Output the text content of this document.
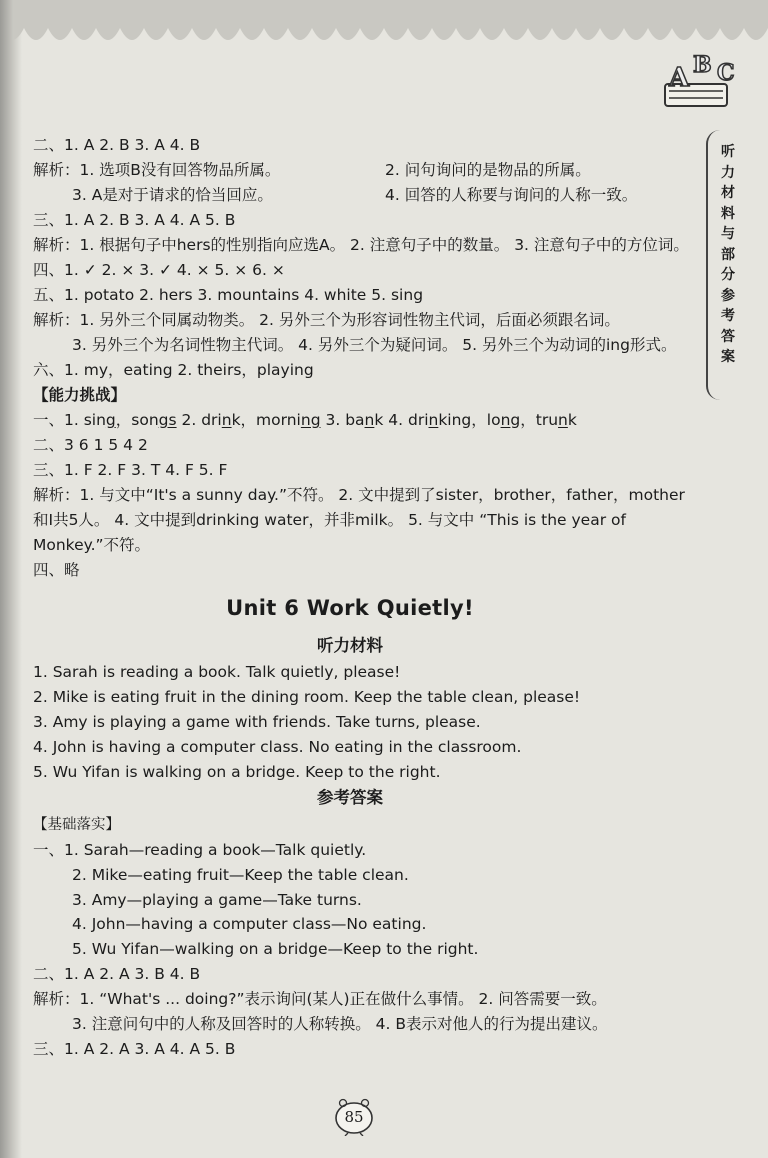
A B C
听
力
材
料
与
部
分
参
考
答
案
二、1. A 2. B 3. A 4. B
解析：1. 选项B没有回答物品所属。	2. 问句询问的是物品的所属。
3. A是对于请求的恰当回应。	4. 回答的人称要与询问的人称一致。
三、1. A 2. B 3. A 4. A 5. B
解析：1. 根据句子中hers的性别指向应选A。 2. 注意句子中的数量。 3. 注意句子中的方位词。
四、1. ✓ 2. × 3. ✓ 4. × 5. × 6. ×
五、1. potato 2. hers 3. mountains 4. white 5. sing
解析：1. 另外三个同属动物类。 2. 另外三个为形容词性物主代词，后面必须跟名词。
3. 另外三个为名词性物主代词。 4. 另外三个为疑问词。 5. 另外三个为动词的ing形式。
六、1. my，eating 2. theirs，playing
【能力挑战】
一、1. sing，songs 2. drink，morning 3. bank 4. drinking，long，trunk
二、3 6 1 5 4 2
三、1. F 2. F 3. T 4. F 5. F
解析：1. 与文中“It's a sunny day.”不符。 2. 文中提到了sister，brother，father，mother
和I共5人。 4. 文中提到drinking water，并非milk。 5. 与文中 “This is the year of
Monkey.”不符。
四、略
Unit 6 Work Quietly!
听力材料
1. Sarah is reading a book. Talk quietly, please!
2. Mike is eating fruit in the dining room. Keep the table clean, please!
3. Amy is playing a game with friends. Take turns, please.
4. John is having a computer class. No eating in the classroom.
5. Wu Yifan is walking on a bridge. Keep to the right.
参考答案
【基础落实】
一、1. Sarah—reading a book—Talk quietly.
2. Mike—eating fruit—Keep the table clean.
3. Amy—playing a game—Take turns.
4. John—having a computer class—No eating.
5. Wu Yifan—walking on a bridge—Keep to the right.
二、1. A 2. A 3. B 4. B
解析：1. “What's ... doing?”表示询问(某人)正在做什么事情。 2. 问答需要一致。
3. 注意问句中的人称及回答时的人称转换。 4. B表示对他人的行为提出建议。
三、1. A 2. A 3. A 4. A 5. B
85
